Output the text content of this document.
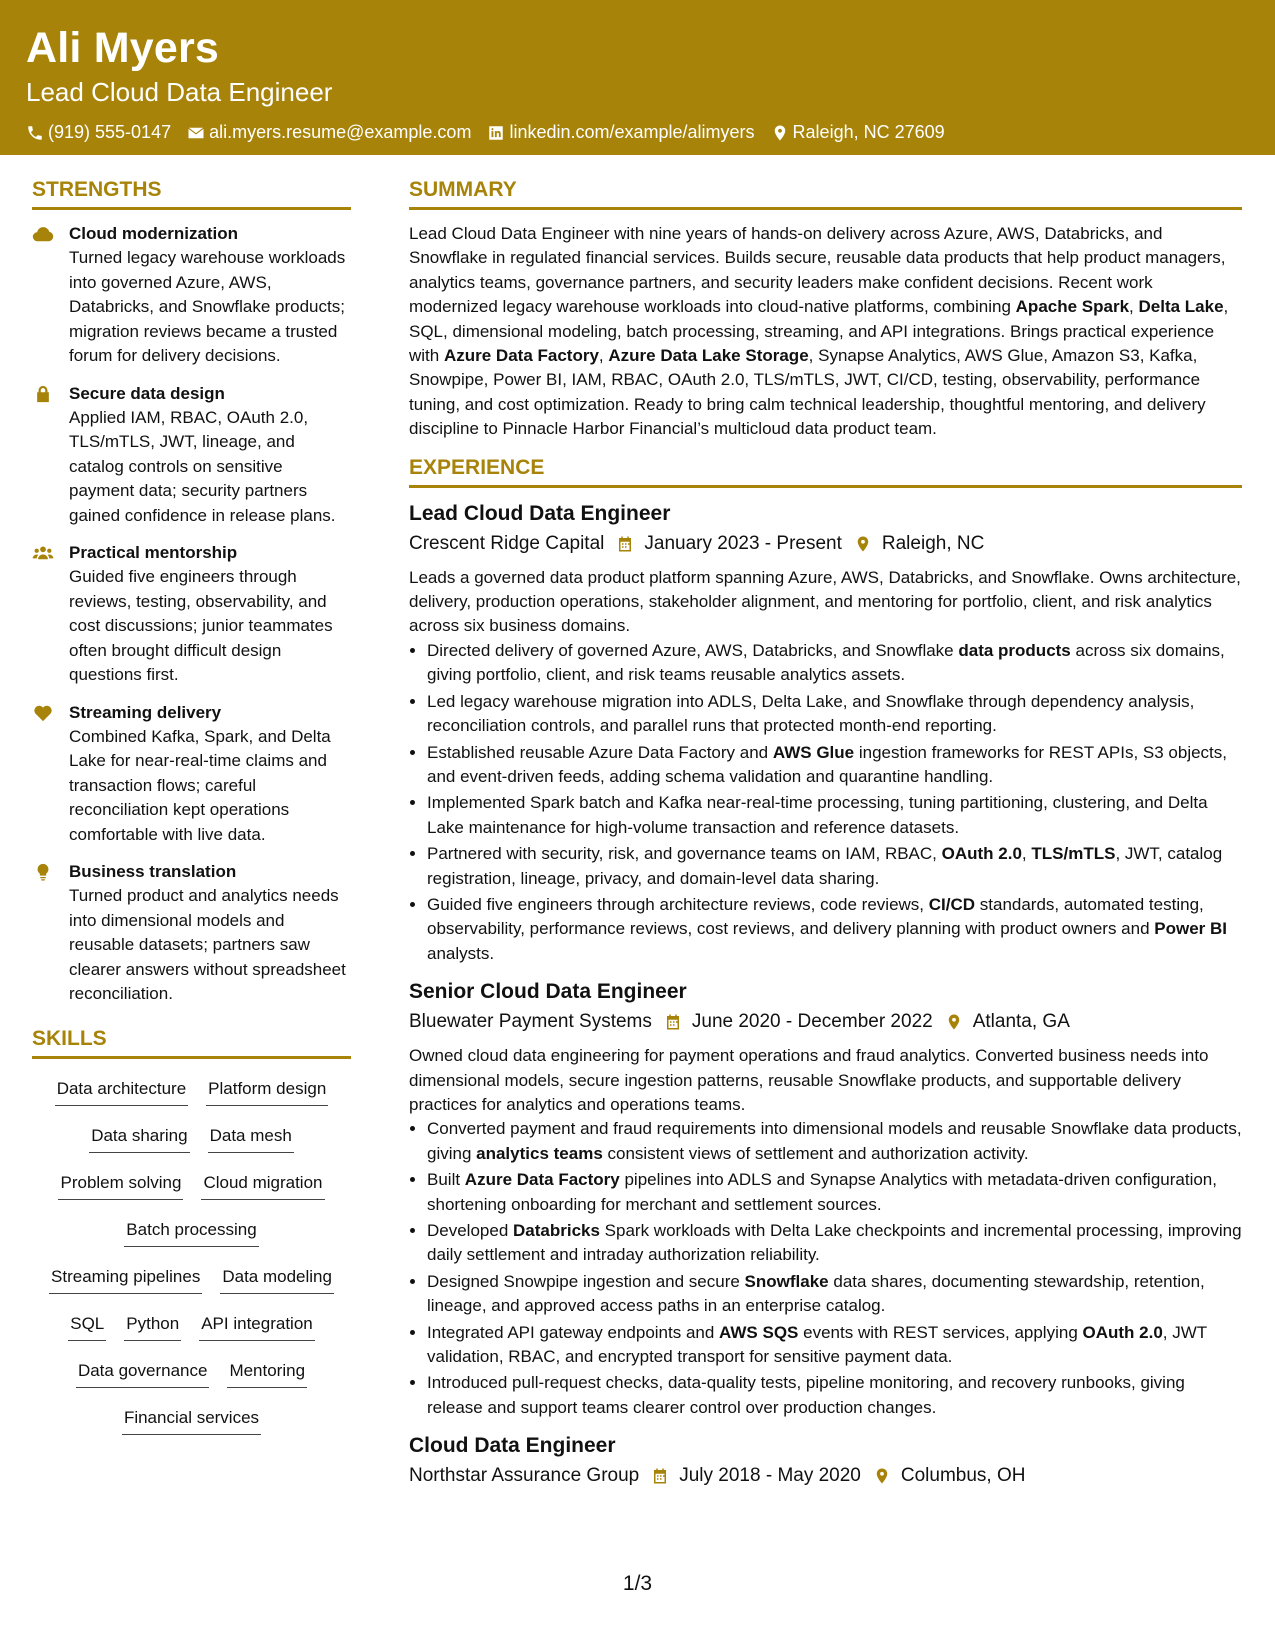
Ali Myers
Lead Cloud Data Engineer
(919) 555-0147 ali.myers.resume@example.com linkedin.com/example/alimyers Raleigh, NC 27609
STRENGTHS
Cloud modernization
Turned legacy warehouse workloads into governed Azure, AWS, Databricks, and Snowflake products; migration reviews became a trusted forum for delivery decisions.
Secure data design
Applied IAM, RBAC, OAuth 2.0, TLS/mTLS, JWT, lineage, and catalog controls on sensitive payment data; security partners gained confidence in release plans.
Practical mentorship
Guided five engineers through reviews, testing, observability, and cost discussions; junior teammates often brought difficult design questions first.
Streaming delivery
Combined Kafka, Spark, and Delta Lake for near-real-time claims and transaction flows; careful reconciliation kept operations comfortable with live data.
Business translation
Turned product and analytics needs into dimensional models and reusable datasets; partners saw clearer answers without spreadsheet reconciliation.
SKILLS
Data architecture Platform design
Data sharing Data mesh
Problem solving Cloud migration
Batch processing
Streaming pipelines Data modeling
SQL Python API integration
Data governance Mentoring
Financial services
SUMMARY

Lead Cloud Data Engineer with nine years of hands-on delivery across Azure, AWS, Databricks, and Snowflake in regulated financial services. Builds secure, reusable data products that help product managers, analytics teams, governance partners, and security leaders make confident decisions. Recent work modernized legacy warehouse workloads into cloud-native platforms, combining Apache Spark, Delta Lake, SQL, dimensional modeling, batch processing, streaming, and API integrations. Brings practical experience with Azure Data Factory, Azure Data Lake Storage, Synapse Analytics, AWS Glue, Amazon S3, Kafka, Snowpipe, Power BI, IAM, RBAC, OAuth 2.0, TLS/mTLS, JWT, CI/CD, testing, observability, performance tuning, and cost optimization. Ready to bring calm technical leadership, thoughtful mentoring, and delivery discipline to Pinnacle Harbor Financial’s multicloud data product team.

EXPERIENCE
Lead Cloud Data Engineer
Crescent Ridge Capital January 2023 - Present Raleigh, NC
Leads a governed data product platform spanning Azure, AWS, Databricks, and Snowflake. Owns architecture, delivery, production operations, stakeholder alignment, and mentoring for portfolio, client, and risk analytics across six business domains.
• Directed delivery of governed Azure, AWS, Databricks, and Snowflake data products across six domains, giving portfolio, client, and risk teams reusable analytics assets.
• Led legacy warehouse migration into ADLS, Delta Lake, and Snowflake through dependency analysis, reconciliation controls, and parallel runs that protected month-end reporting.
• Established reusable Azure Data Factory and AWS Glue ingestion frameworks for REST APIs, S3 objects, and event-driven feeds, adding schema validation and quarantine handling.
• Implemented Spark batch and Kafka near-real-time processing, tuning partitioning, clustering, and Delta Lake maintenance for high-volume transaction and reference datasets.
• Partnered with security, risk, and governance teams on IAM, RBAC, OAuth 2.0, TLS/mTLS, JWT, catalog registration, lineage, privacy, and domain-level data sharing.
• Guided five engineers through architecture reviews, code reviews, CI/CD standards, automated testing, observability, performance reviews, cost reviews, and delivery planning with product owners and Power BI analysts.
Senior Cloud Data Engineer
Bluewater Payment Systems June 2020 - December 2022 Atlanta, GA
Owned cloud data engineering for payment operations and fraud analytics. Converted business needs into dimensional models, secure ingestion patterns, reusable Snowflake products, and supportable delivery practices for analytics and operations teams.
• Converted payment and fraud requirements into dimensional models and reusable Snowflake data products, giving analytics teams consistent views of settlement and authorization activity.
• Built Azure Data Factory pipelines into ADLS and Synapse Analytics with metadata-driven configuration, shortening onboarding for merchant and settlement sources.
• Developed Databricks Spark workloads with Delta Lake checkpoints and incremental processing, improving daily settlement and intraday authorization reliability.
• Designed Snowpipe ingestion and secure Snowflake data shares, documenting stewardship, retention, lineage, and approved access paths in an enterprise catalog.
• Integrated API gateway endpoints and AWS SQS events with REST services, applying OAuth 2.0, JWT validation, RBAC, and encrypted transport for sensitive payment data.
• Introduced pull-request checks, data-quality tests, pipeline monitoring, and recovery runbooks, giving release and support teams clearer control over production changes.
Cloud Data Engineer
Northstar Assurance Group July 2018 - May 2020 Columbus, OH
1/3
